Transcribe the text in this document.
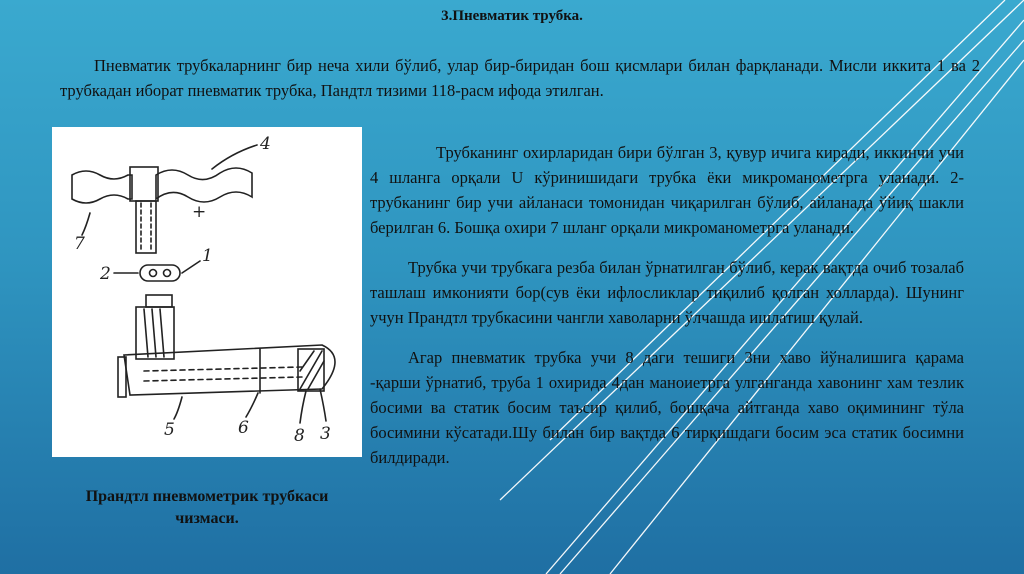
3.Пневматик трубка.

Пневматик трубкаларнинг бир неча хили бўлиб, улар бир-биридан бош қисмлари билан фарқланади. Мисли иккита 1 ва 2 трубкадан иборат пневматик трубка, Пандтл тизими 118-расм ифода этилган.

4
+
7
2
1
5	6	8 3
Прандтл пневмометрик трубкаси чизмаси.

Трубканинг охирларидан бири бўлган 3, қувур ичига киради, иккинчи учи 4 шланга орқали U кўринишидаги трубка ёки микроманометрга уланади. 2-трубканинг бир учи айланаси томонидан чиқарилган бўлиб, айланада ўйиқ шакли берилган 6. Бошқа охири 7 шланг орқали микроманометрга уланади.

Трубка учи трубкага резба билан ўрнатилган бўлиб, керак вақтда очиб тозалаб ташлаш имконияти бор(сув ёки ифлосликлар тиқилиб қолган холларда). Шунинг учун Прандтл трубкасини чангли хаволарни ўлчашда ишлатиш қулай.

Агар пневматик трубка учи 8 даги тешиги 3ни хаво йўналишига қарама -қарши ўрнатиб, труба 1 охирида 4дан маноиетрга улганганда хавонинг хам тезлик босими ва статик босим таъсир қилиб, бошқача айтганда хаво оқимининг тўла босимини кўсатади.Шу билан бир вақтда 6 тирқишдаги босим эса статик босимни билдиради.
